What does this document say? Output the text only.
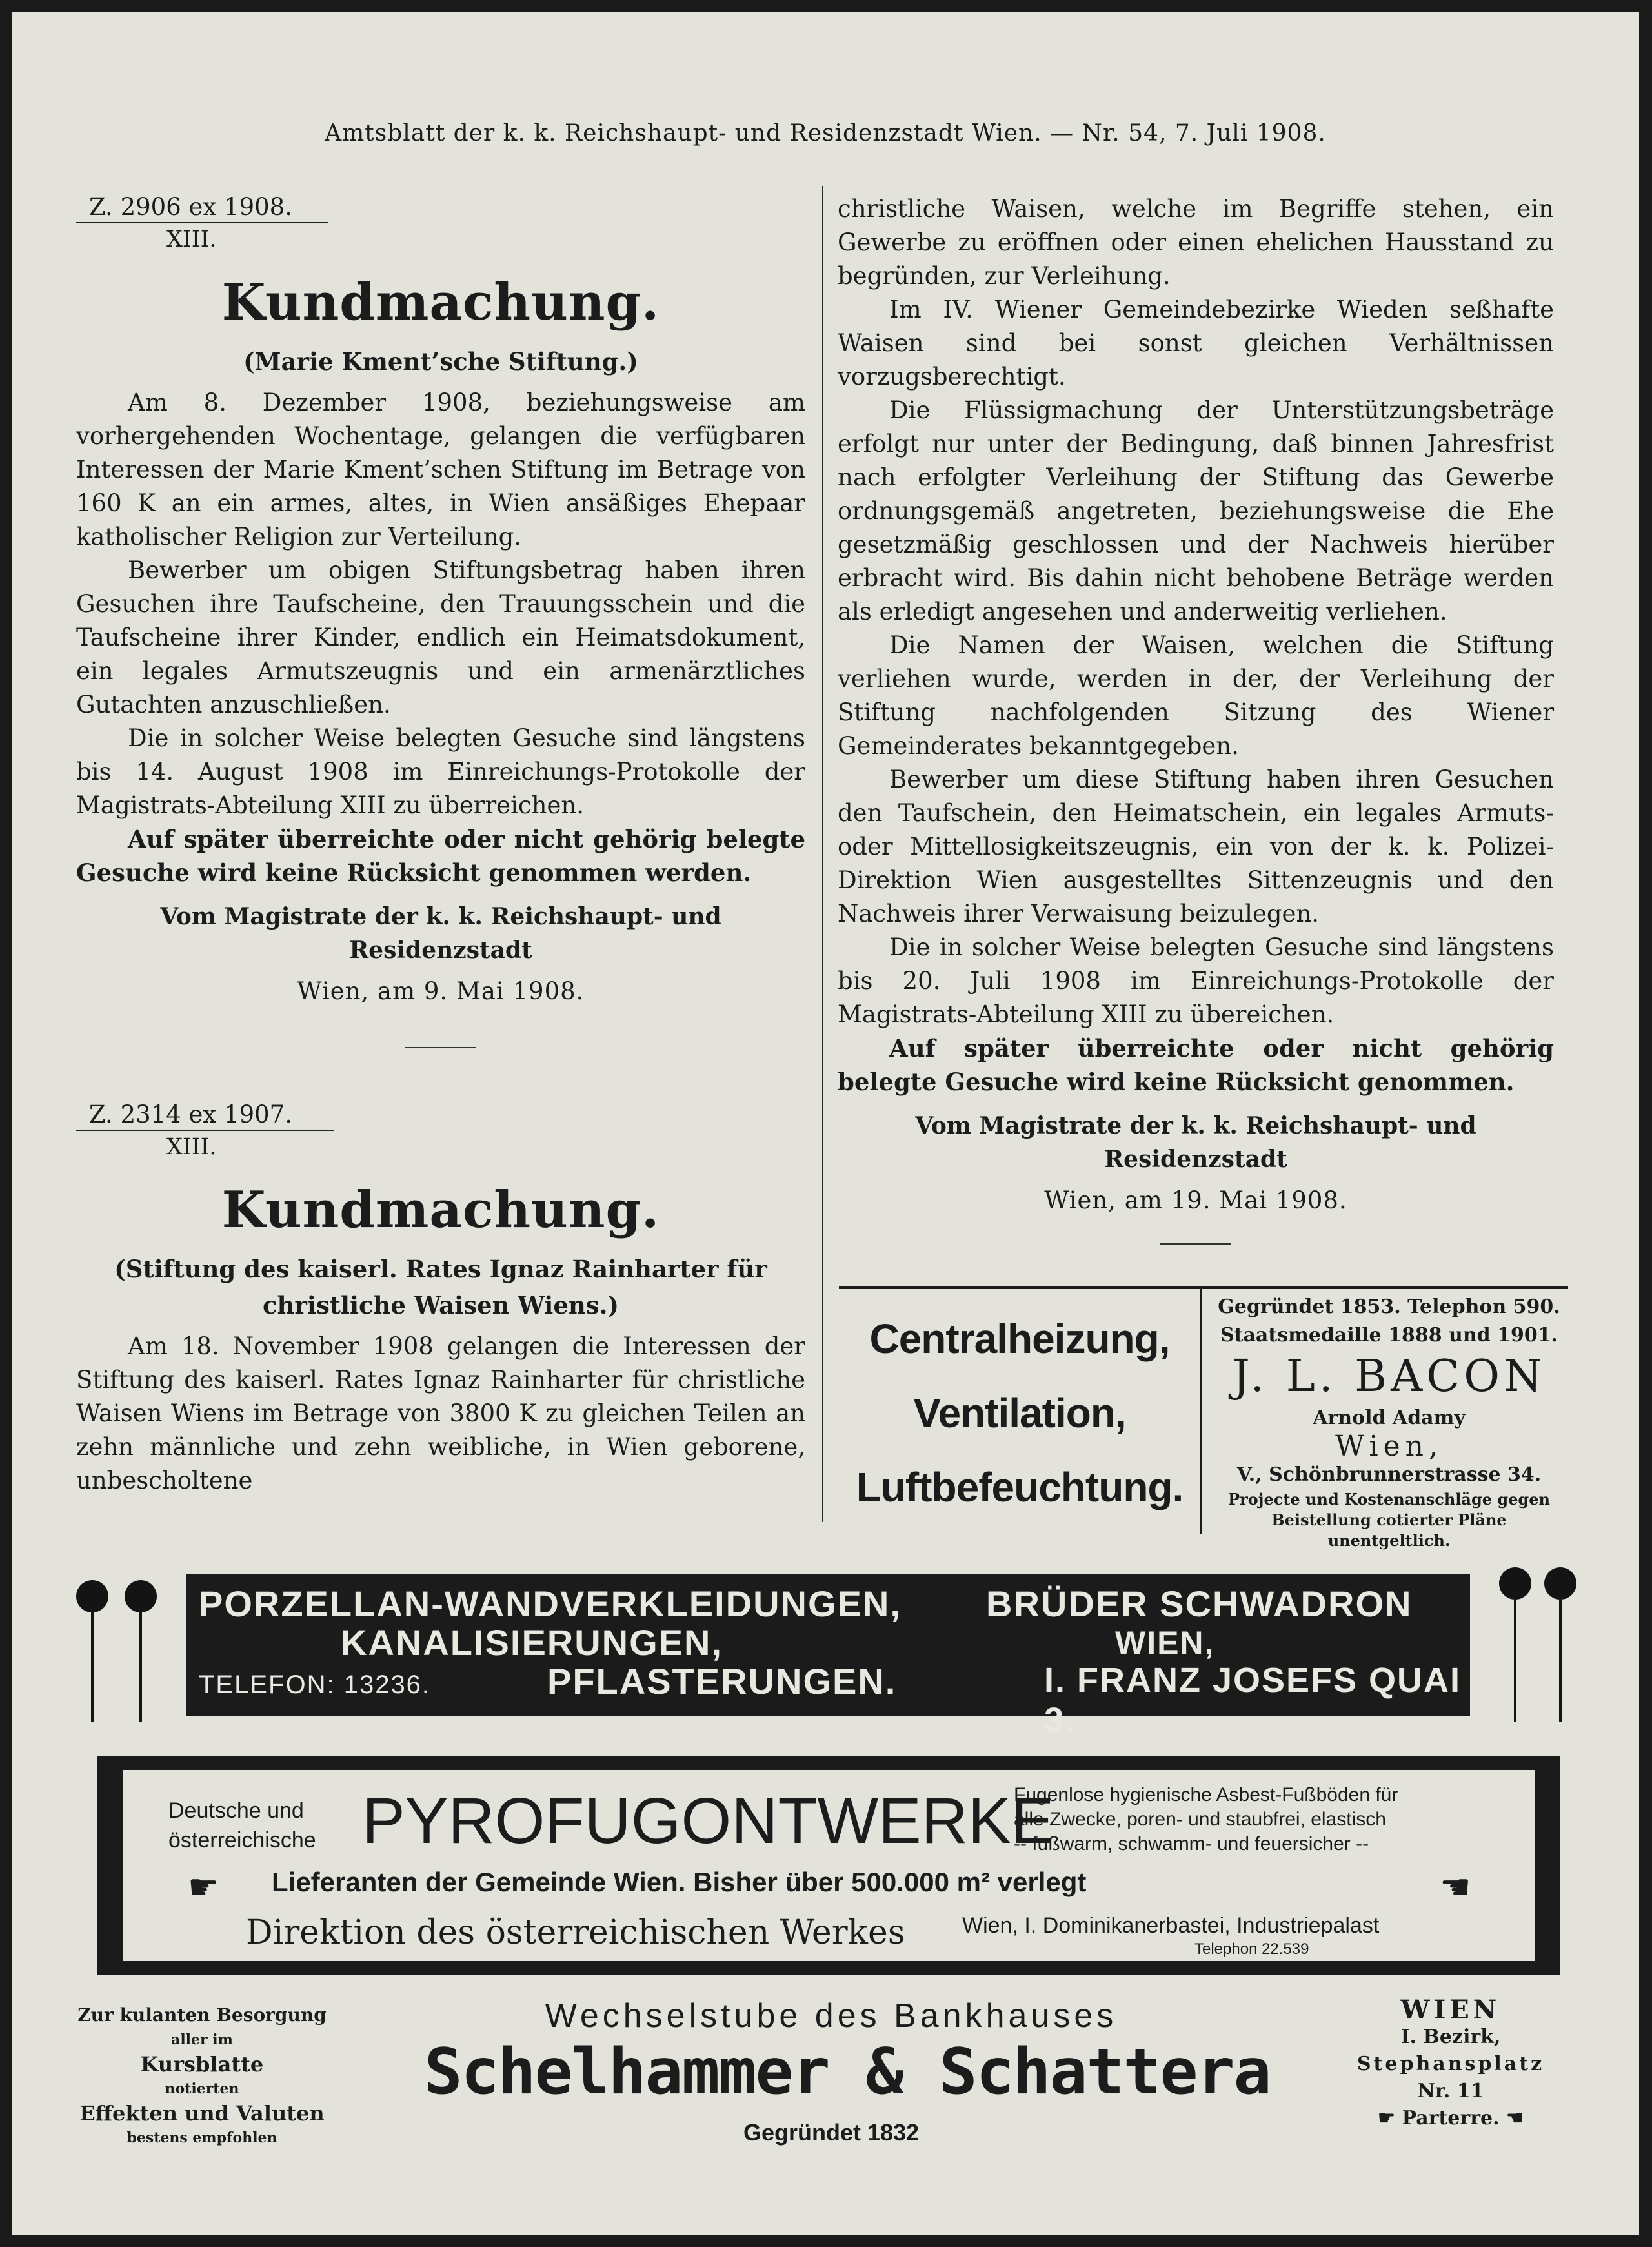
Amtsblatt der k. k. Reichshaupt- und Residenzstadt Wien. — Nr. 54, 7. Juli 1908.
Z. 2906 ex 1908.
XIII.
Kundmachung.
(Marie Kment’sche Stiftung.)

Am 8. Dezember 1908, beziehungsweise am vorhergehenden Wochentage, gelangen die verfügbaren Interessen der Marie Kment’schen Stiftung im Betrage von 160 K an ein armes, altes, in Wien ansäßiges Ehepaar katholischer Religion zur Verteilung.

Bewerber um obigen Stiftungsbetrag haben ihren Gesuchen ihre Taufscheine, den Trauungsschein und die Taufscheine ihrer Kinder, endlich ein Heimatsdokument, ein legales Armutszeugnis und ein armenärztliches Gutachten anzuschließen.

Die in solcher Weise belegten Gesuche sind längstens bis 14. August 1908 im Einreichungs-Protokolle der Magistrats-Abteilung XIII zu überreichen.

Auf später überreichte oder nicht gehörig belegte Gesuche wird keine Rücksicht genommen werden.

Vom Magistrate der k. k. Reichshaupt- und Residenzstadt
Wien, am 9. Mai 1908.
Z. 2314 ex 1907.
XIII.
Kundmachung.
(Stiftung des kaiserl. Rates Ignaz Rainharter für christliche Waisen Wiens.)

Am 18. November 1908 gelangen die Interessen der Stiftung des kaiserl. Rates Ignaz Rainharter für christliche Waisen Wiens im Betrage von 3800 K zu gleichen Teilen an zehn männliche und zehn weibliche, in Wien geborene, unbescholtene

christliche Waisen, welche im Begriffe stehen, ein Gewerbe zu eröffnen oder einen ehelichen Hausstand zu begründen, zur Verleihung.

Im IV. Wiener Gemeindebezirke Wieden seßhafte Waisen sind bei sonst gleichen Verhältnissen vorzugsberechtigt.

Die Flüssigmachung der Unterstützungsbeträge erfolgt nur unter der Bedingung, daß binnen Jahresfrist nach erfolgter Verleihung der Stiftung das Gewerbe ordnungsgemäß angetreten, beziehungsweise die Ehe gesetzmäßig geschlossen und der Nachweis hierüber erbracht wird. Bis dahin nicht behobene Beträge werden als erledigt angesehen und anderweitig verliehen.

Die Namen der Waisen, welchen die Stiftung verliehen wurde, werden in der, der Verleihung der Stiftung nachfolgenden Sitzung des Wiener Gemeinderates bekanntgegeben.

Bewerber um diese Stiftung haben ihren Gesuchen den Taufschein, den Heimatschein, ein legales Armuts- oder Mittellosigkeitszeugnis, ein von der k. k. Polizei-Direktion Wien ausgestelltes Sittenzeugnis und den Nachweis ihrer Verwaisung beizulegen.

Die in solcher Weise belegten Gesuche sind längstens bis 20. Juli 1908 im Einreichungs-Protokolle der Magistrats-Abteilung XIII zu übereichen.

Auf später überreichte oder nicht gehörig belegte Gesuche wird keine Rücksicht genommen.

Vom Magistrate der k. k. Reichshaupt- und Residenzstadt
Wien, am 19. Mai 1908.
Centralheizung,
Ventilation,
Luftbefeuchtung.
Gegründet 1853. Telephon 590.
Staatsmedaille 1888 und 1901.
J. L. BACON
Arnold Adamy
Wien,
V., Schönbrunnerstrasse 34.
Projecte und Kostenanschläge gegen Beistellung cotierter Pläne unentgeltlich.
PORZELLAN-WANDVERKLEIDUNGEN,
KANALISIERUNGEN,
PFLASTERUNGEN.
TELEFON: 13236.
BRÜDER SCHWADRON
WIEN,
I. FRANZ JOSEFS QUAI 3.
Deutsche und
österreichische PYROFUGONTWERKE
Fugenlose hygienische Asbest-Fußböden für
alle Zwecke, poren- und staubfrei, elastisch
-- fußwarm, schwamm- und feuersicher --
☛ Lieferanten der Gemeinde Wien. Bisher über 500.000 m² verlegt	☚
Direktion des österreichischen Werkes	Wien, I. Dominikanerbastei, Industriepalast
Telephon 22.539
Zur kulanten Besorgung
aller im
Kursblatte
notierten
Effekten und Valuten
bestens empfohlen
Wechselstube des Bankhauses
Schelhammer & Schattera
Gegründet 1832
WIEN
I. Bezirk,
Stephansplatz
Nr. 11
☛ Parterre. ☚
